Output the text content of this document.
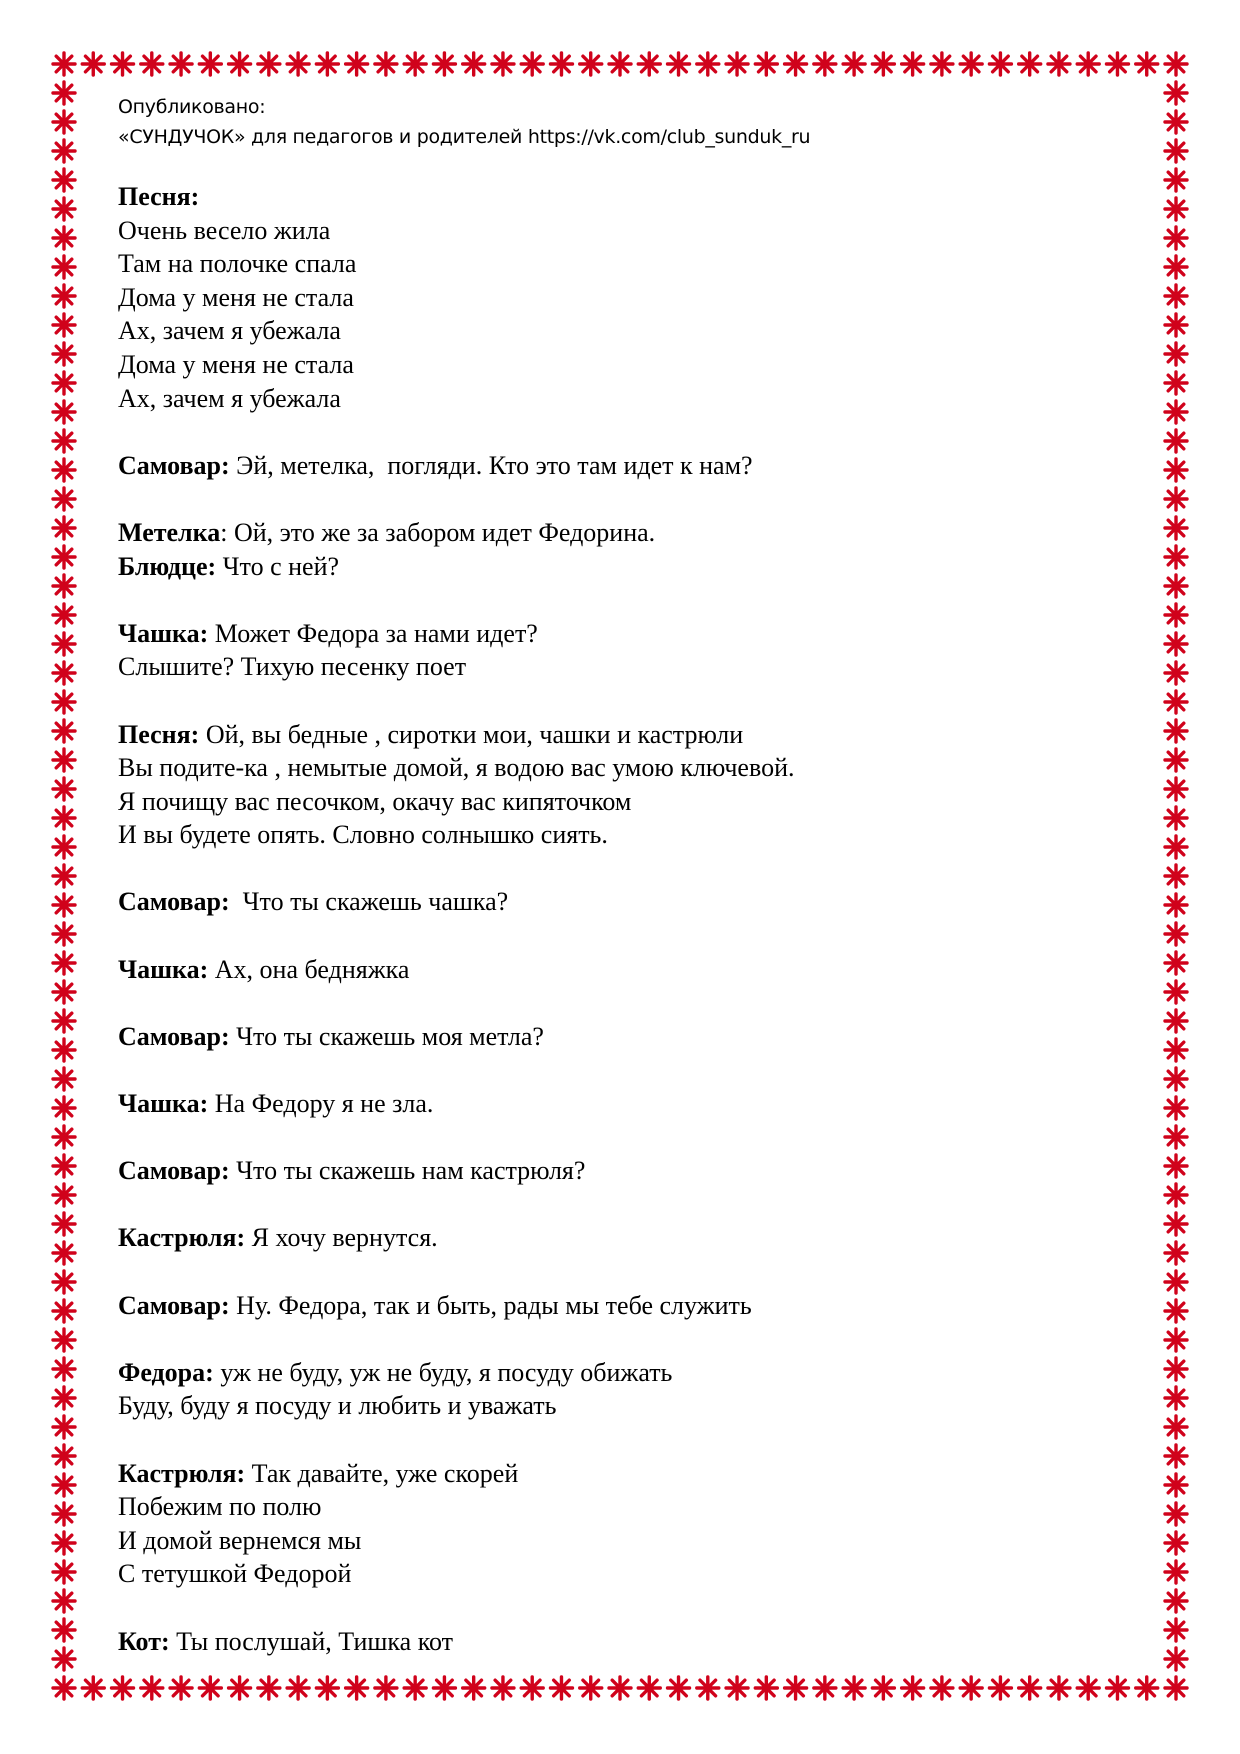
Опубликовано:
«СУНДУЧОК» для педагогов и родителей https://vk.com/club_sunduk_ru
Песня:
Очень весело жила
Там на полочке спала
Дома у меня не стала
Ах, зачем я убежала
Дома у меня не стала
Ах, зачем я убежала
Самовар: Эй, метелка,  погляди. Кто это там идет к нам?
Метелка: Ой, это же за забором идет Федорина.
Блюдце: Что с ней?
Чашка: Может Федора за нами идет?
Слышите? Тихую песенку поет
Песня: Ой, вы бедные , сиротки мои, чашки и кастрюли
Вы подите-ка , немытые домой, я водою вас умою ключевой.
Я почищу вас песочком, окачу вас кипяточком
И вы будете опять. Словно солнышко сиять.
Самовар:  Что ты скажешь чашка?
Чашка: Ах, она бедняжка
Самовар: Что ты скажешь моя метла?
Чашка: На Федору я не зла.
Самовар: Что ты скажешь нам кастрюля?
Кастрюля: Я хочу вернутся.
Самовар: Ну. Федора, так и быть, рады мы тебе служить
Федора: уж не буду, уж не буду, я посуду обижать
Буду, буду я посуду и любить и уважать
Кастрюля: Так давайте, уже скорей
Побежим по полю
И домой вернемся мы
С тетушкой Федорой
Кот: Ты послушай, Тишка кот
